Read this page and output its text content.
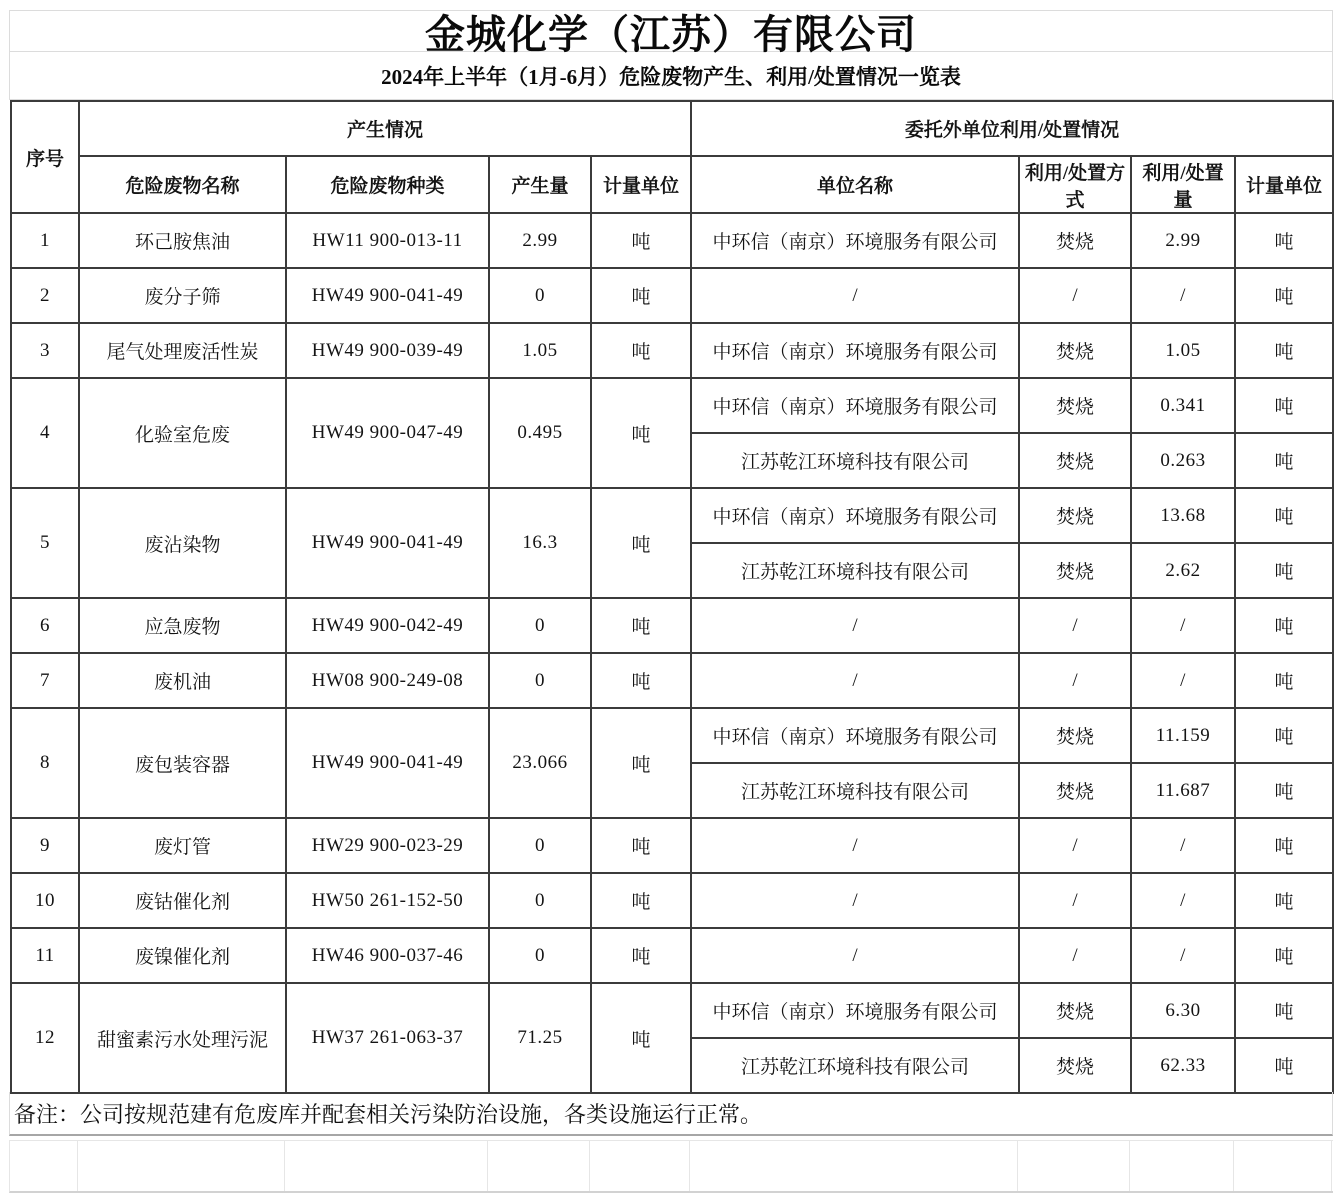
金城化学（江苏）有限公司
2024年上半年（1月-6月）危险废物产生、利用/处置情况一览表
序号	产生情况				委托外单位利用/处置情况			
	危险废物名称	危险废物种类	产生量	计量单位	单位名称	利用/处置方式	利用/处置量	计量单位
1	环己胺焦油	HW11 900-013-11	2.99	吨	中环信（南京）环境服务有限公司	焚烧	2.99	吨
2	废分子筛	HW49 900-041-49	0	吨	/	/	/	吨
3	尾气处理废活性炭	HW49 900-039-49	1.05	吨	中环信（南京）环境服务有限公司	焚烧	1.05	吨
4	化验室危废	HW49 900-047-49	0.495	吨	中环信（南京）环境服务有限公司	焚烧	0.341	吨
					江苏乾江环境科技有限公司	焚烧	0.263	吨
5	废沾染物	HW49 900-041-49	16.3	吨	中环信（南京）环境服务有限公司	焚烧	13.68	吨
					江苏乾江环境科技有限公司	焚烧	2.62	吨
6	应急废物	HW49 900-042-49	0	吨	/	/	/	吨
7	废机油	HW08 900-249-08	0	吨	/	/	/	吨
8	废包装容器	HW49 900-041-49	23.066	吨	中环信（南京）环境服务有限公司	焚烧	11.159	吨
					江苏乾江环境科技有限公司	焚烧	11.687	吨
9	废灯管	HW29 900-023-29	0	吨	/	/	/	吨
10	废钴催化剂	HW50 261-152-50	0	吨	/	/	/	吨
11	废镍催化剂	HW46 900-037-46	0	吨	/	/	/	吨
12	甜蜜素污水处理污泥	HW37 261-063-37	71.25	吨	中环信（南京）环境服务有限公司	焚烧	6.30	吨
					江苏乾江环境科技有限公司	焚烧	62.33	吨
备注：公司按规范建有危废库并配套相关污染防治设施，各类设施运行正常。
